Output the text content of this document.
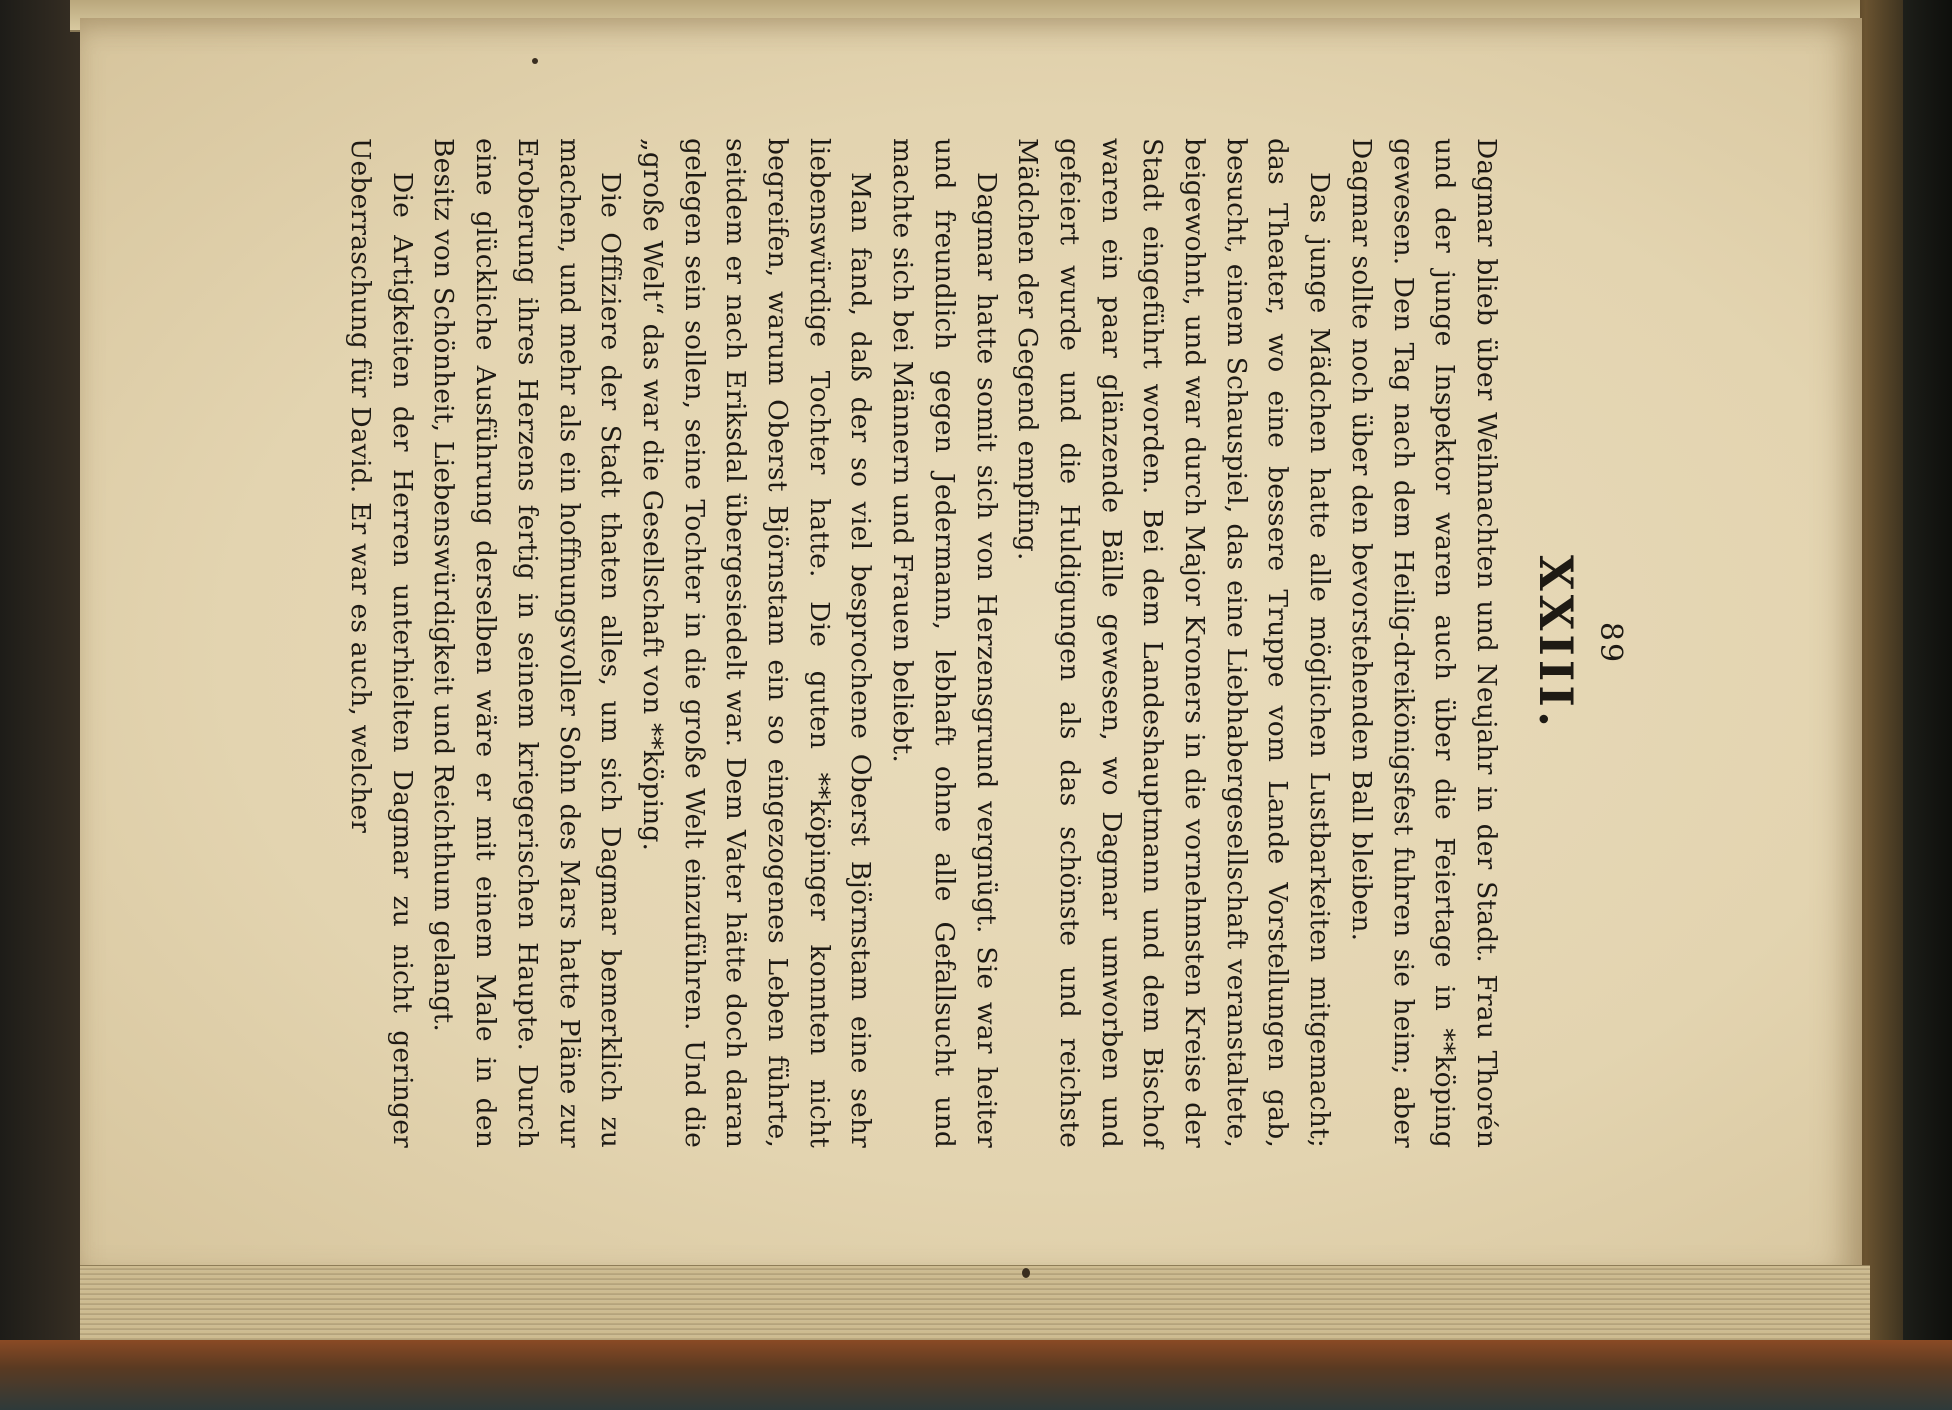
89
XXIII.

Dagmar blieb über Weihnachten und Neujahr in der Stadt. Frau Thorén und der junge Inspektor waren auch über die Feiertage in **köping gewesen. Den Tag nach dem Heilig-dreikönigsfest fuhren sie heim; aber Dagmar sollte noch über den bevorstehenden Ball bleiben.

Das junge Mädchen hatte alle möglichen Lustbarkeiten mitgemacht; das Theater, wo eine bessere Truppe vom Lande Vorstellungen gab, besucht, einem Schauspiel, das eine Liebhabergesellschaft veranstaltete, beigewohnt, und war durch Major Kroners in die vornehmsten Kreise der Stadt eingeführt worden. Bei dem Landeshauptmann und dem Bischof waren ein paar glänzende Bälle gewesen, wo Dagmar umworben und gefeiert wurde und die Huldigungen als das schönste und reichste Mädchen der Gegend empfing.

Dagmar hatte somit sich von Herzensgrund vergnügt. Sie war heiter und freundlich gegen Jedermann, lebhaft ohne alle Gefallsucht und machte sich bei Männern und Frauen beliebt.

Man fand, daß der so viel besprochene Oberst Björnstam eine sehr liebenswürdige Tochter hatte. Die guten **köpinger konnten nicht begreifen, warum Oberst Björnstam ein so eingezogenes Leben führte, seitdem er nach Eriksdal übergesiedelt war. Dem Vater hätte doch daran gelegen sein sollen, seine Tochter in die große Welt einzuführen. Und die „große Welt“ das war die Gesellschaft von **köping.

Die Offiziere der Stadt thaten alles, um sich Dagmar bemerklich zu machen, und mehr als ein hoffnungsvoller Sohn des Mars hatte Pläne zur Eroberung ihres Herzens fertig in seinem kriegerischen Haupte. Durch eine glückliche Ausführung derselben wäre er mit einem Male in den Besitz von Schönheit, Liebenswürdigkeit und Reichthum gelangt.

Die Artigkeiten der Herren unterhielten Dagmar zu nicht geringer Ueberraschung für David. Er war es auch, welcher
